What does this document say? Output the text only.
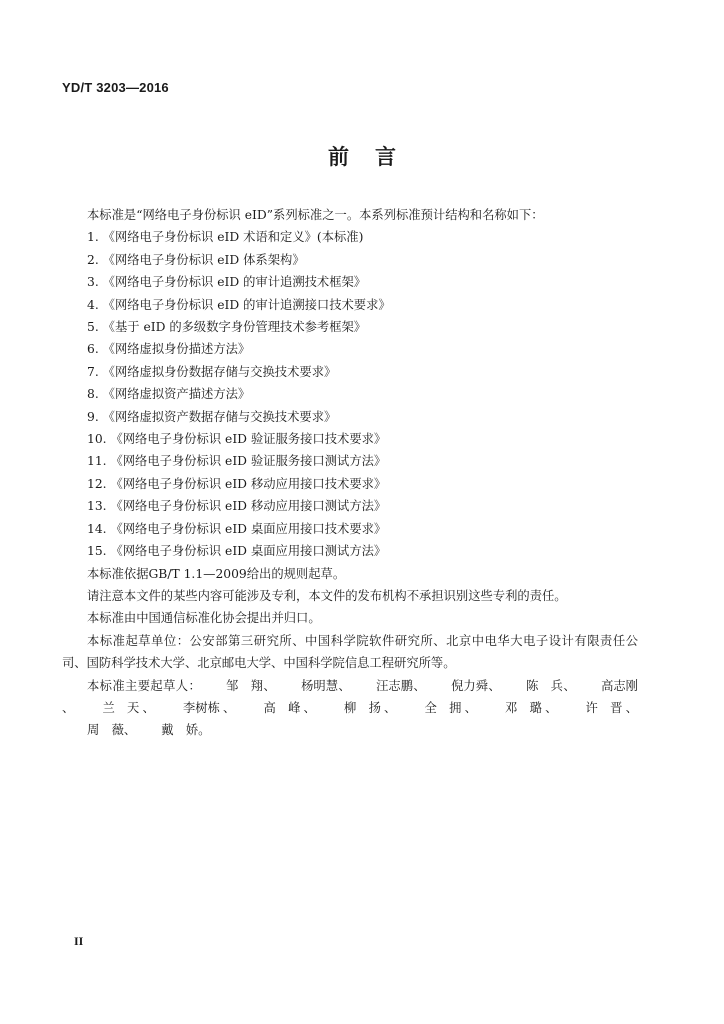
YD/T 3203—2016
前言
本标准是“网络电子身份标识 eID”系列标准之一。本系列标准预计结构和名称如下：
1. 《网络电子身份标识 eID 术语和定义》(本标准)
2. 《网络电子身份标识 eID 体系架构》
3. 《网络电子身份标识 eID 的审计追溯技术框架》
4. 《网络电子身份标识 eID 的审计追溯接口技术要求》
5. 《基于 eID 的多级数字身份管理技术参考框架》
6. 《网络虚拟身份描述方法》
7. 《网络虚拟身份数据存储与交换技术要求》
8. 《网络虚拟资产描述方法》
9. 《网络虚拟资产数据存储与交换技术要求》
10. 《网络电子身份标识 eID 验证服务接口技术要求》
11. 《网络电子身份标识 eID 验证服务接口测试方法》
12. 《网络电子身份标识 eID 移动应用接口技术要求》
13. 《网络电子身份标识 eID 移动应用接口测试方法》
14. 《网络电子身份标识 eID 桌面应用接口技术要求》
15. 《网络电子身份标识 eID 桌面应用接口测试方法》
本标准依据GB/T 1.1—2009给出的规则起草。
请注意本文件的某些内容可能涉及专利，本文件的发布机构不承担识别这些专利的责任。
本标准由中国通信标准化协会提出并归口。
本标准起草单位：公安部第三研究所、中国科学院软件研究所、北京中电华大电子设计有限责任公司、国防科学技术大学、北京邮电大学、中国科学院信息工程研究所等。
本标准主要起草人： 邹　翔、 杨明慧、 汪志鹏、 倪力舜、 陈　兵、 高志刚、 兰　天、 李树栋、 高　峰、 柳　扬、 全　拥、 邓　璐、 许　晋、周　薇、 戴　娇。
II
